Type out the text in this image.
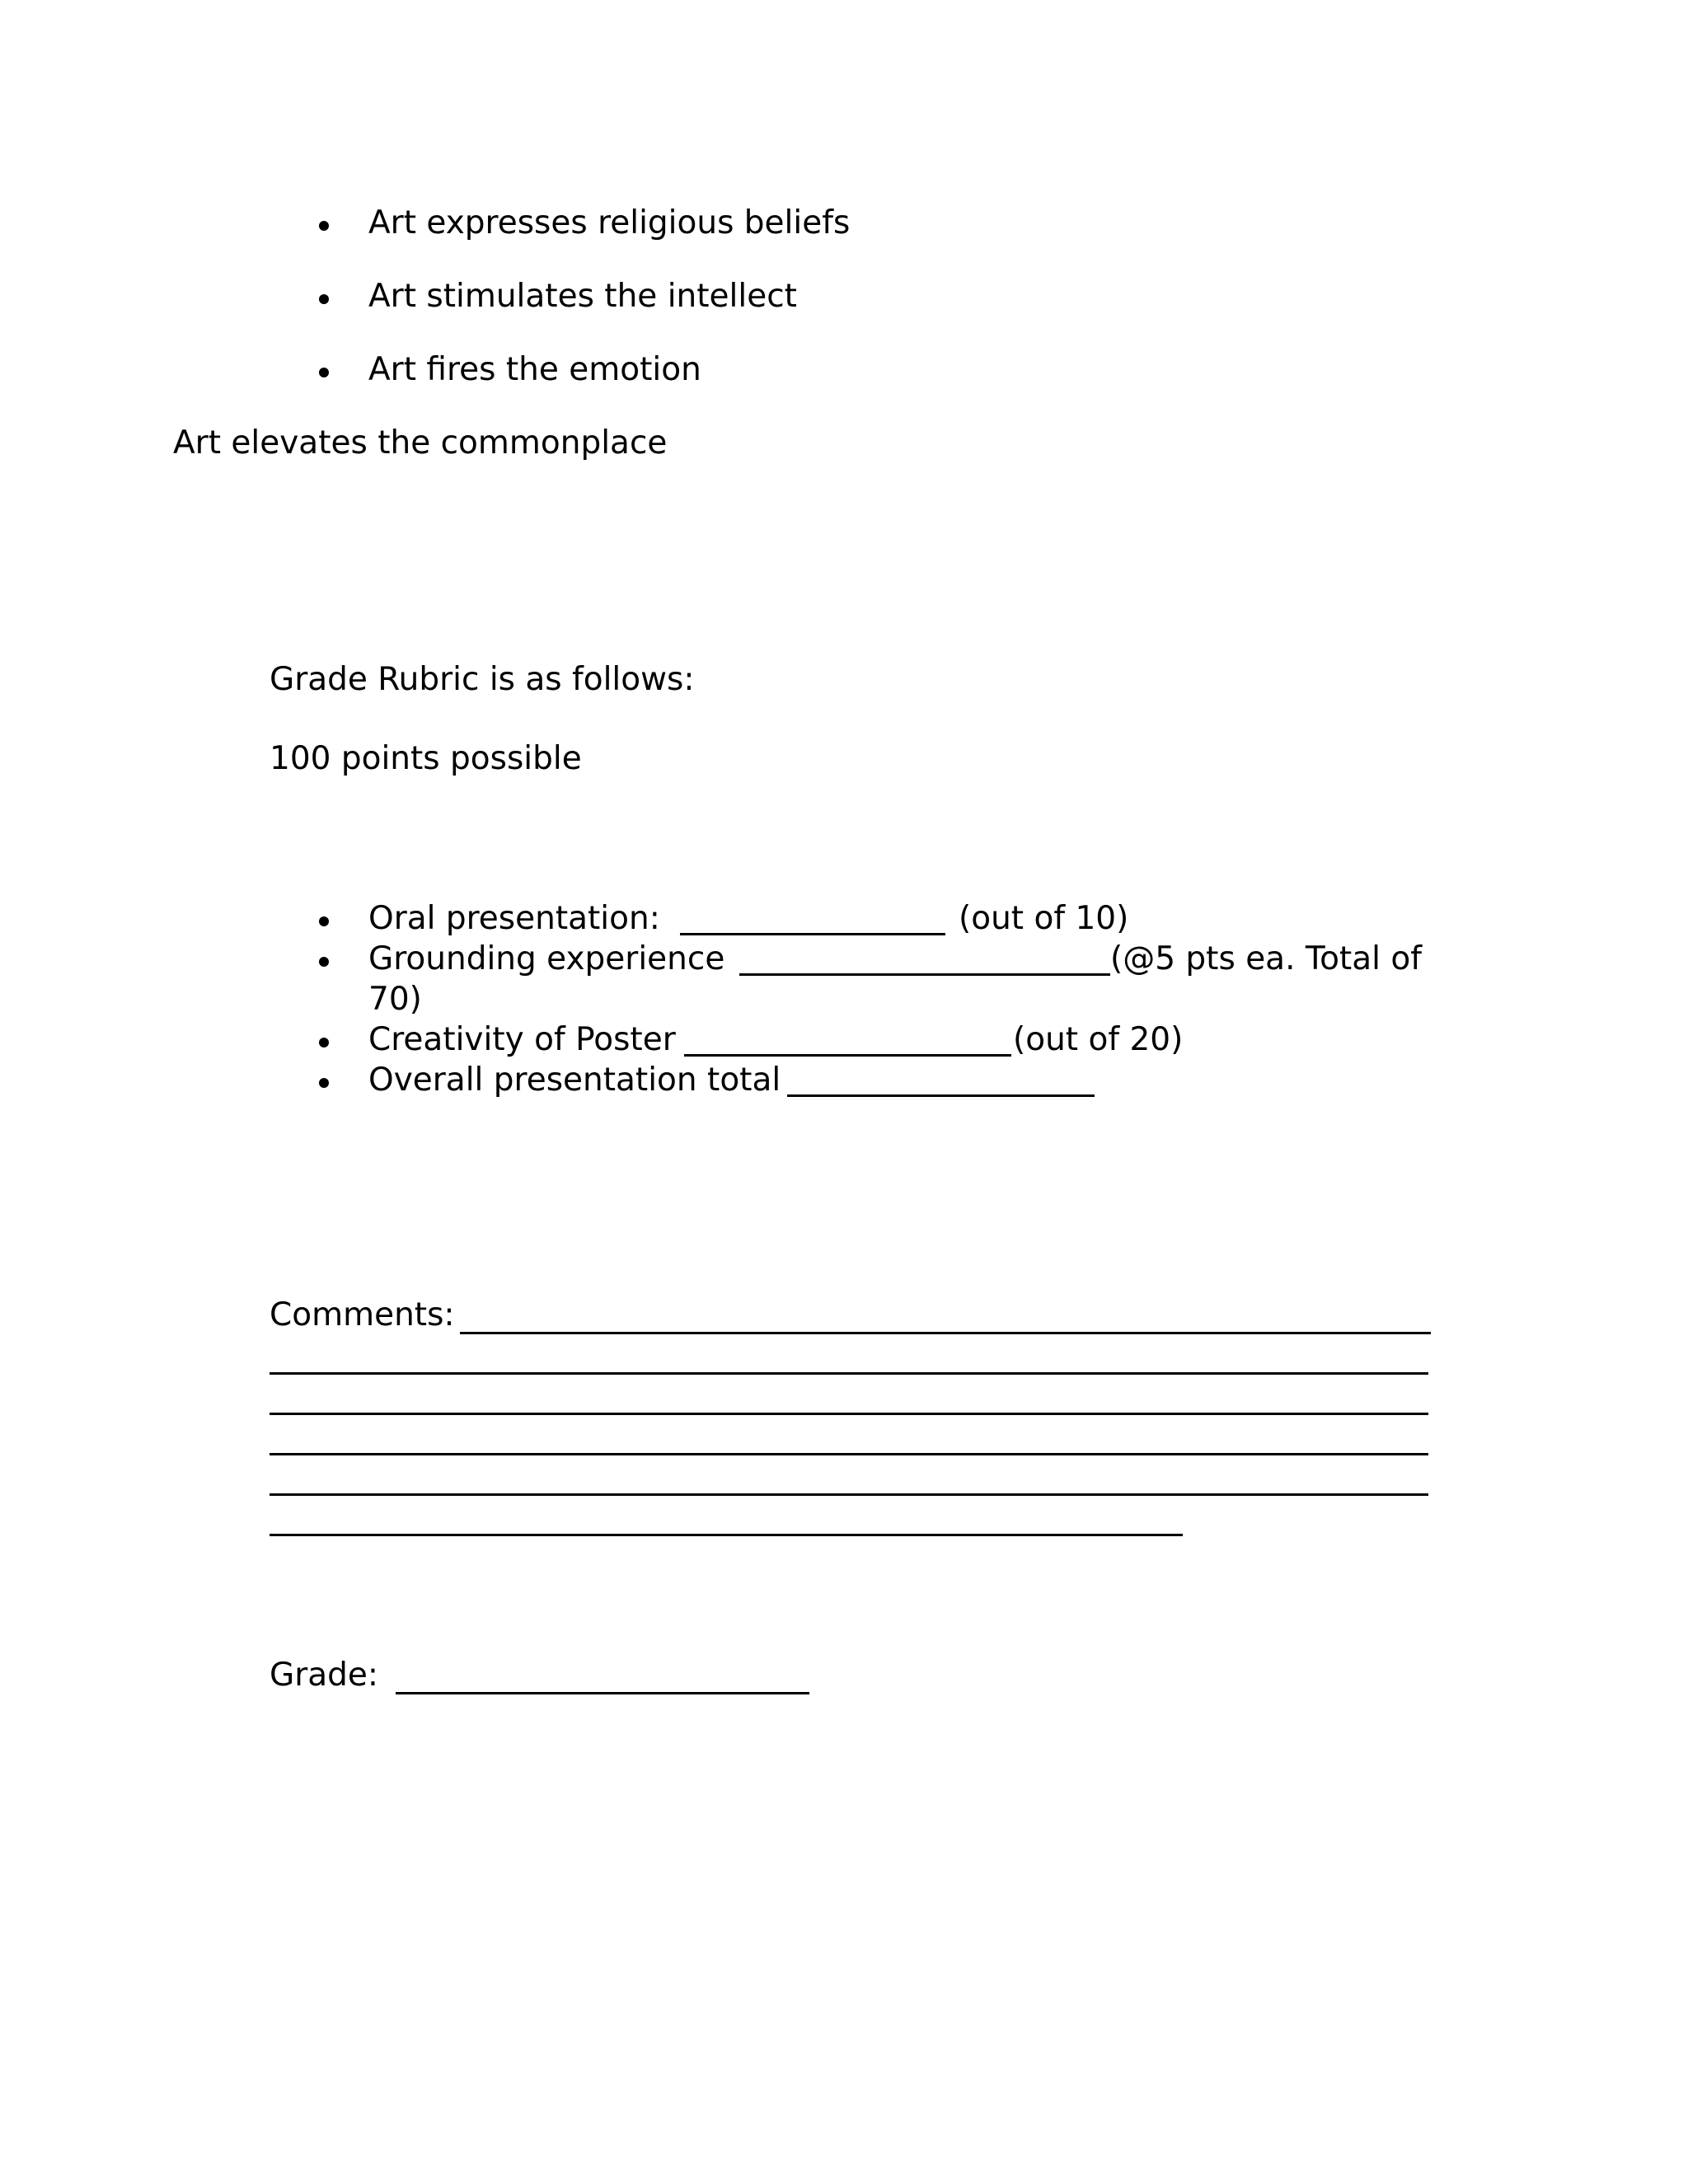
Art expresses religious beliefs
Art stimulates the intellect
Art fires the emotion
Art elevates the commonplace
Grade Rubric is as follows:
100 points possible
Oral presentation:	(out of 10)
Grounding experience	(@5 pts ea. Total of
70)
Creativity of Poster	(out of 20)
Overall presentation total
Comments:
Grade:
